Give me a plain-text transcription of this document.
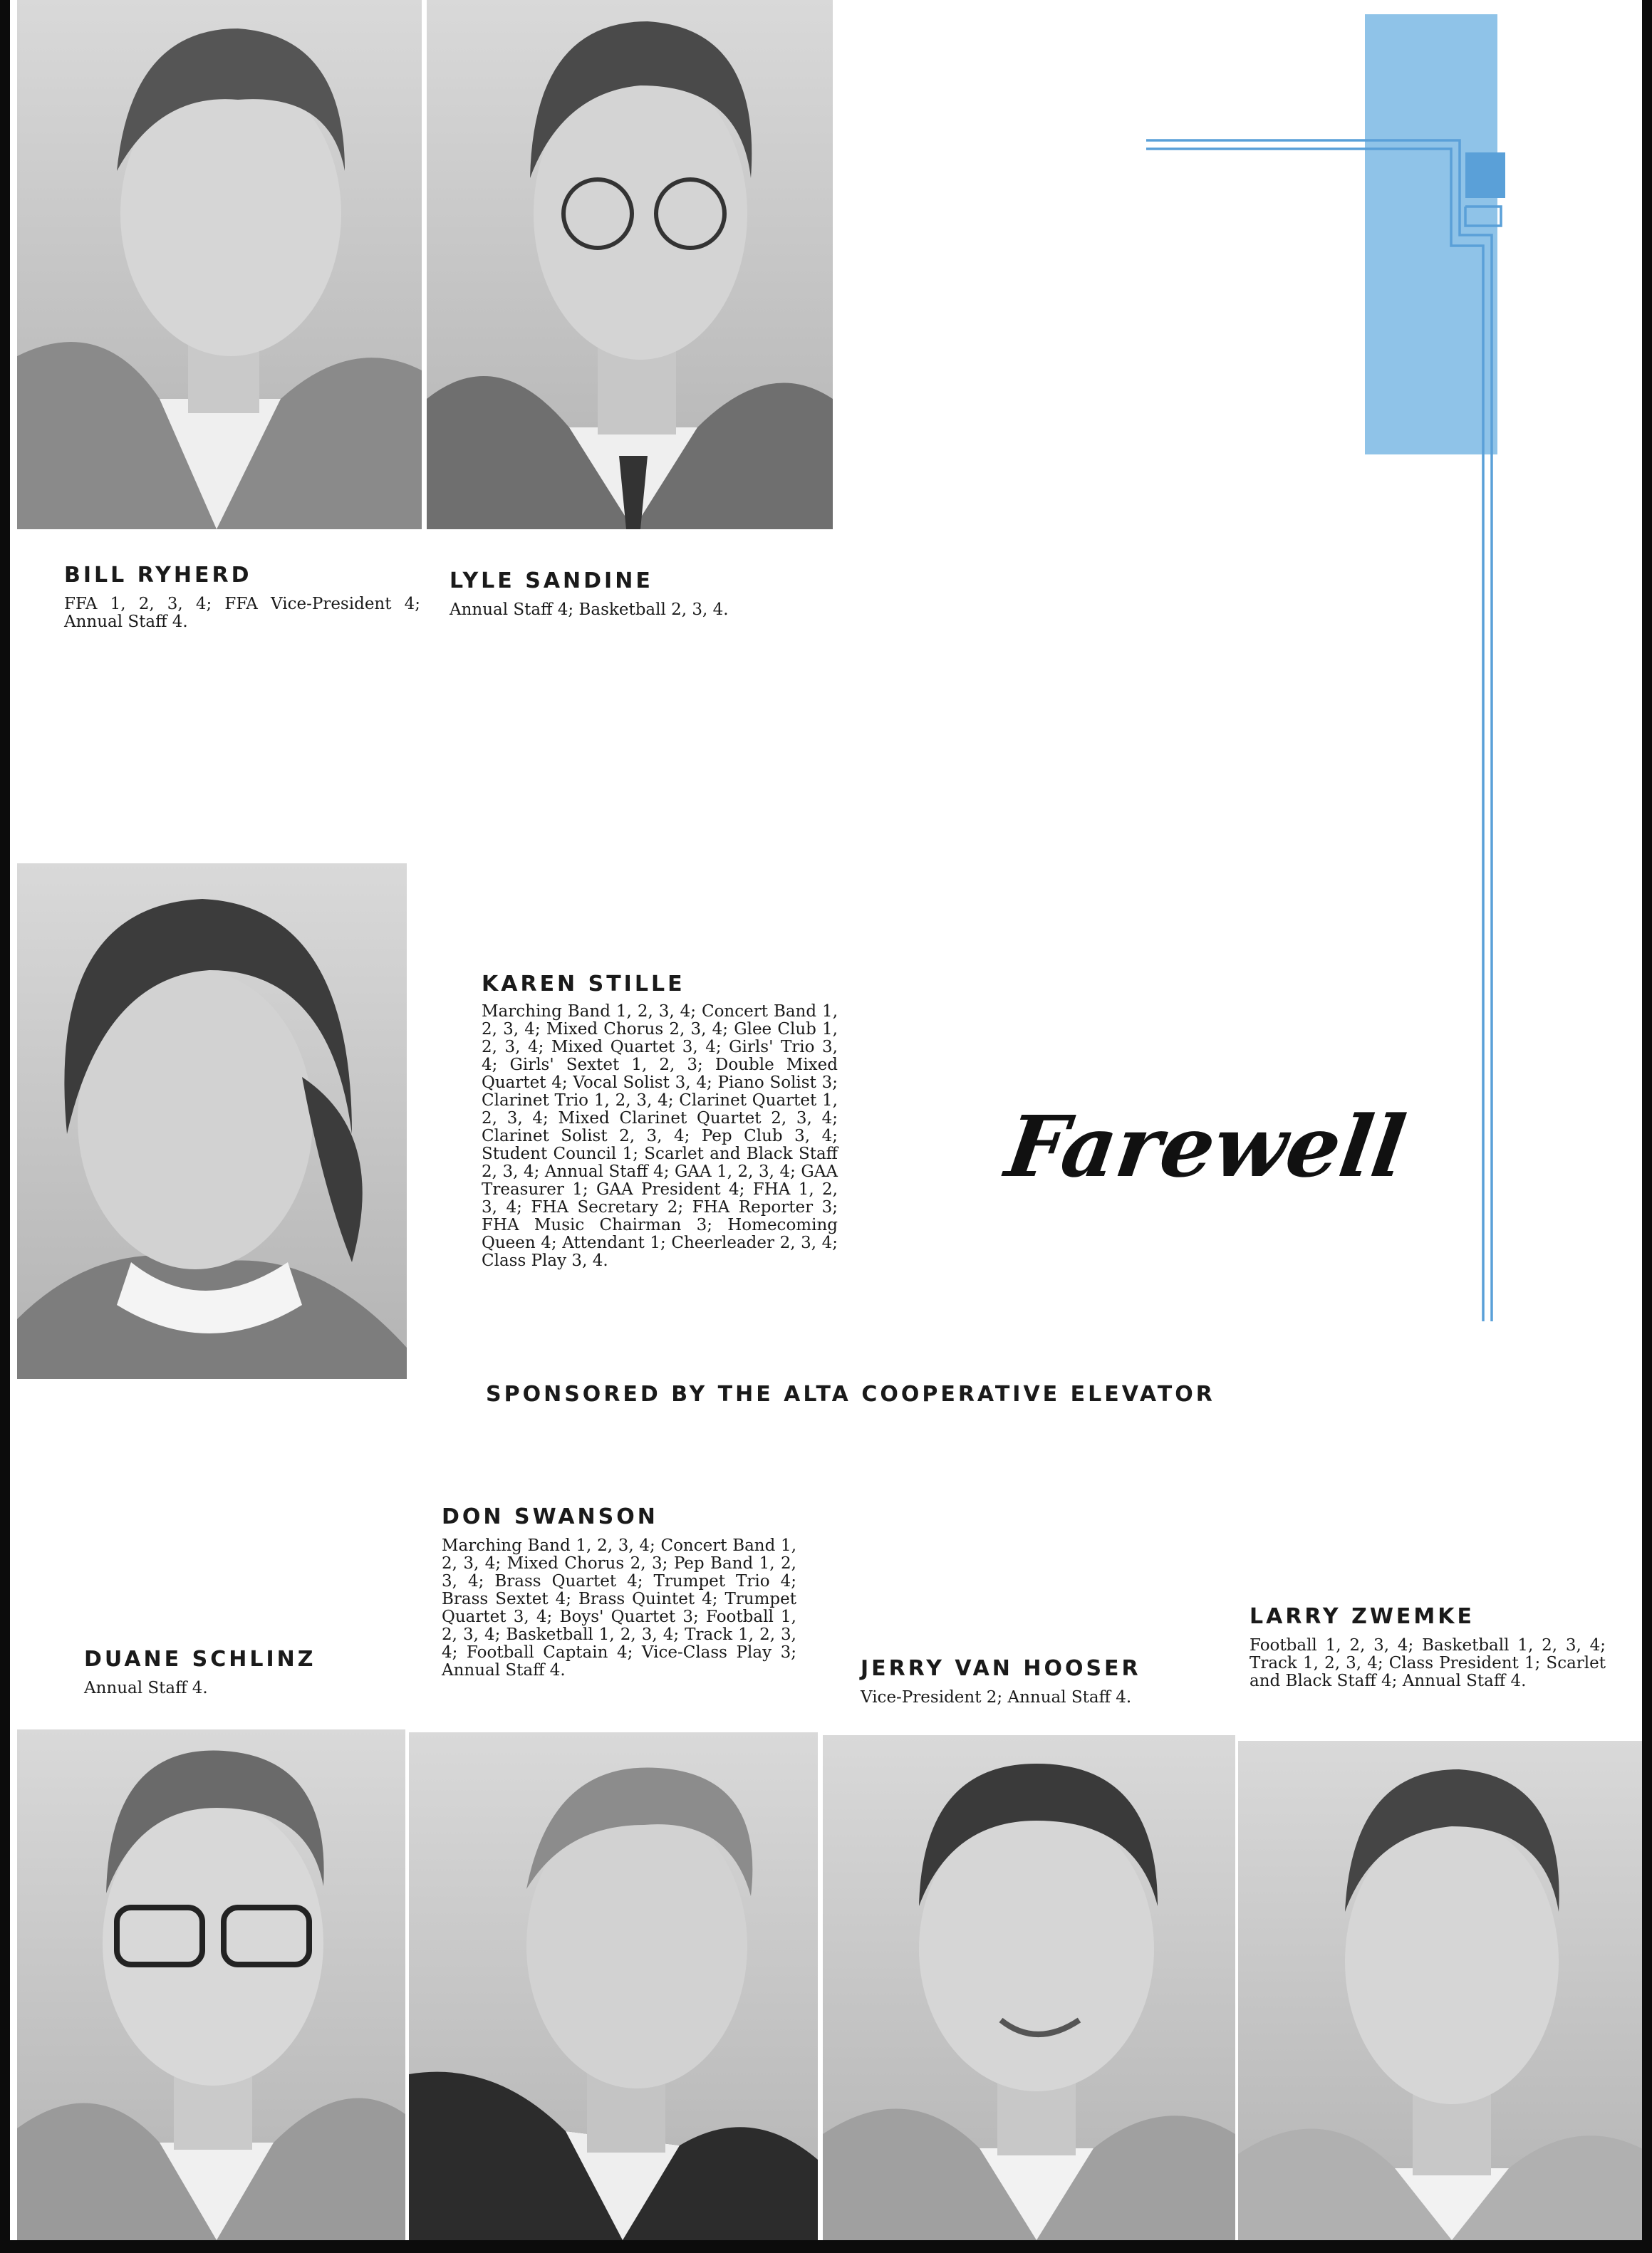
BILL RYHERD

FFA 1, 2, 3, 4; FFA Vice-President 4; Annual Staff 4.

LYLE SANDINE

Annual Staff 4; Basketball 2, 3, 4.

KAREN STILLE

Marching Band 1, 2, 3, 4; Concert Band 1, 2, 3, 4; Mixed Chorus 2, 3, 4; Glee Club 1, 2, 3, 4; Mixed Quartet 3, 4; Girls' Trio 3, 4; Girls' Sextet 1, 2, 3; Double Mixed Quartet 4; Vocal Solist 3, 4; Piano Solist 3; Clarinet Trio 1, 2, 3, 4; Clarinet Quartet 1, 2, 3, 4; Mixed Clarinet Quartet 2, 3, 4; Clarinet Solist 2, 3, 4; Pep Club 3, 4; Student Council 1; Scarlet and Black Staff 2, 3, 4; Annual Staff 4; GAA 1, 2, 3, 4; GAA Treasurer 1; GAA President 4; FHA 1, 2, 3, 4; FHA Secretary 2; FHA Reporter 3; FHA Music Chairman 3; Homecoming Queen 4; Attendant 1; Cheerleader 2, 3, 4; Class Play 3, 4.

Farewell

SPONSORED BY THE ALTA COOPERATIVE ELEVATOR

DON SWANSON

Marching Band 1, 2, 3, 4; Concert Band 1, 2, 3, 4; Mixed Chorus 2, 3; Pep Band 1, 2, 3, 4; Brass Quartet 4; Trumpet Trio 4; Brass Sextet 4; Brass Quintet 4; Trumpet Quartet 3, 4; Boys' Quartet 3; Football 1, 2, 3, 4; Basketball 1, 2, 3, 4; Track 1, 2, 3, 4; Football Captain 4; Vice-Class Play 3; Annual Staff 4.

DUANE SCHLINZ

Annual Staff 4.

JERRY VAN HOOSER

Vice-President 2; Annual Staff 4.

LARRY ZWEMKE

Football 1, 2, 3, 4; Basketball 1, 2, 3, 4; Track 1, 2, 3, 4; Class President 1; Scarlet and Black Staff 4; Annual Staff 4.
